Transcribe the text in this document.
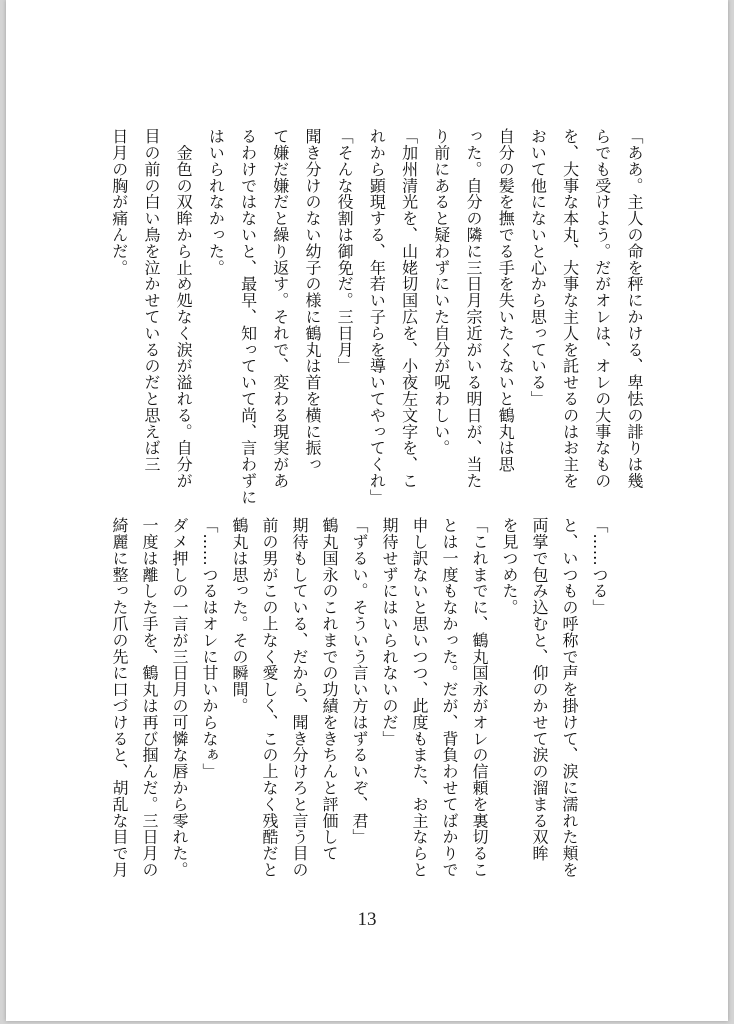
「ああ。主人の命を秤にかける、卑怯の誹りは幾
らでも受けよう。だがオレは、オレの大事なもの
を、大事な本丸、大事な主人を託せるのはお主を
おいて他にないと心から思っている」
自分の髪を撫でる手を失いたくないと鶴丸は思
った。自分の隣に三日月宗近がいる明日が、当た
り前にあると疑わずにいた自分が呪わしい。
「加州清光を、山姥切国広を、小夜左文字を、こ
れから顕現する、年若い子らを導いてやってくれ」
「そんな役割は御免だ。三日月」
聞き分けのない幼子の様に鶴丸は首を横に振っ
て嫌だ嫌だと繰り返す。それで、変わる現実があ
るわけではないと、最早、知っていて尚、言わずに
はいられなかった。
　金色の双眸から止め処なく涙が溢れる。自分が
目の前の白い鳥を泣かせているのだと思えば三
日月の胸が痛んだ。
「……つる」
と、いつもの呼称で声を掛けて、涙に濡れた頬を
両掌で包み込むと、仰のかせて涙の溜まる双眸
を見つめた。
「これまでに、鶴丸国永がオレの信頼を裏切るこ
とは一度もなかった。だが、背負わせてばかりで
申し訳ないと思いつつ、此度もまた、お主ならと
期待せずにはいられないのだ」
「ずるい。そういう言い方はずるいぞ、君」
鶴丸国永のこれまでの功績をきちんと評価して
期待もしている、だから、聞き分けろと言う目の
前の男がこの上なく愛しく、この上なく残酷だと
鶴丸は思った。その瞬間。
「……つるはオレに甘いからなぁ」
ダメ押しの一言が三日月の可憐な唇から零れた。
一度は離した手を、鶴丸は再び掴んだ。三日月の
綺麗に整った爪の先に口づけると、胡乱な目で月
13
